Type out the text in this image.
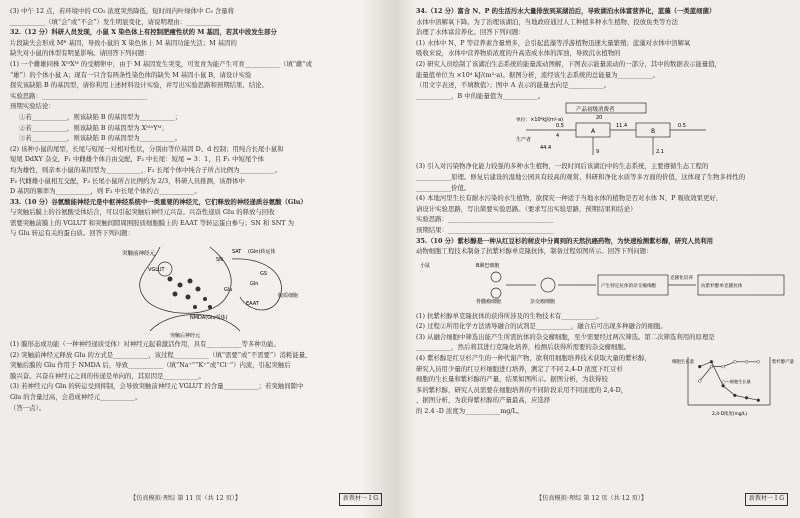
(3) 中午 12 点，若环境中的 CO₂ 浓度突然降低，短时间内叶绿体中 C₅ 含量将

___________（填“会”或“不会”）发生明显变化，请说明理由：___________

32.（12 分）科研人员发现，小鼠 X 染色体上有控制肥瘦性状的 M 基因，若其中段发生部分

片段缺失会形成 M* 基因，导致小鼠的 X 染色体上 M 基因功能失活；M 基因的

缺失对小鼠的体型有明显影响。请回答下列问题：

(1) 一个雌雄同株 XᴹXᴹ 的受精卵中，由于 M 基因发生突变，可发育为能产生可育___________（填“雌”或

“雄”）的个体小鼠 A；现有一只含有两条性染色体的缺失 M 基因小鼠 B，请设计实验

探究该缺陷 B 的基因型，请你利用上述材料设计实验，并写出实验思路和预期结果、结论。

实验思路：_________________________________

预期实验结论：

①若___________，则该缺陷 B 的基因型为___________；

②若___________，则该缺陷 B 的基因型为 XᴹᴬYᴹ；

③若___________，则该缺陷 B 的基因型为___________。

(2) 该种小鼠的尾型，长尾与短尾一对相对性状，分别由等位基因 D、d 控制；用纯合长尾小鼠和

短尾 DdXY 杂交，F₁ 中雌雄个体自由交配，F₂ 中长尾：短尾 = 3：1，且 F₁ 中短尾个体

均为雄性，则亲本小鼠的基因型为___________，F₂ 长尾个体中纯合子所占比例为___________。

F₂ 代雌雄小鼠相互交配，F₃ 长尾小鼠所占比例约为 2/3，科研人员推测，该群体中

D 基因的频率为___________，则 F₃ 中长尾个体约占___________。

33.（10 分）谷氨酸能神经元是中枢神经系统中一类重要的神经元，它们释放的神经递质谷氨酸（Glu）

与突触后膜上的谷氨酸受体结合，可以引起突触后神经元兴奋。兴奋性递质 Glu 的释放与回收

需要突触前膜上的 VGLUT 和突触间隙周围胶质细胞膜上的 EAAT 等转运蛋白参与；SN 和 SNT 为

与 Glu 转运有关的蛋白质。回答下列问题：

突触前神经元
VGLUT
SAT
SN
(Gln)转运体
GS
Gln
Glu
EAAT
胶质细胞
NMDA(Glu受体)
突触后神经元

(1) 膜形态或功能（一种神经递质受体）对神经元起着激活作用，具有___________等多种功能。

(2) 突触前神经元释放 Glu 的方式是___________，该过程___________（填“需要”或“不需要”）消耗能量，

突触后膜的 Glu 作用于 NMDA 后，导致___________（填“Na⁺”“K⁺”或“Cl⁻”）内流，引起突触后

膜兴奋。兴奋在神经元之间的传递是单向的，其原因是___________。

(3) 若神经元内 Gln 的转运受到抑制，会导致突触前神经元 VGLUT 的含量___________；若突触间隙中

Glu 的含量过高，会造成神经元___________。

（答一点）。

【仿真模拟·理综 第 11 页（共 12 页）】	新教材一 I G

34.（12 分）富含 N、P 的生活污水大量排放到某湖泊后，导致湖泊水体富营养化，蓝藻（一类蓝细菌）

水体中溶解氧下降。为了治理该湖泊，当地政府通过人工种植多种水生植物、投放鱼类等方法

治理了水体富营养化。回答下列问题：

(1) 水体中 N、P 等营养素含量增多，会引起蓝藻等浮游植物迅速大量繁殖；蓝藻对水体中溶解氧

吸收来说，水体中营养物质浓度的升高造成水体的浑浊，导致沉水植物的

(2) 研究人员绘制了该湖泊生态系统的能量流动图解，下图表示能量流动的一部分，其中的数据表示能量值，

能量值单位为 ×10⁴ kJ/(m²·a)。据图分析，流经该生态系统的总能量为___________。

（用文字表述，不填数值）；图中 A 表示的能量去向是___________。

___________，B 中的能量值为___________。

产品初级消费者
A	B
单位：×10⁴kJ/(m²·a)
生产者
0.5
4
44.4
20
11.4
9
0.5
2.1

(3) 引入对污染物净化能力较强的多种水生植物，一段时间后该湖泊中的生态系统，主要遵循生态工程的

___________原理。修复后建设的湿地公园具有较高的观赏、科研和净化水质等多方面的价值，这体现了生物多样性的

___________价值。

(4) 本地河里生长有耐水污染的水生植物，欲探究一种适于当地水体的植物是否对水体 N、P 吸收效果更好，

请设计实验思路，写出简要实验思路。（要求写出实验思路，预期结果和结论）

实验思路：_________________________________

预期结果：_________________________________

35.（10 分）紫杉醇是一种从红豆杉的树皮中分离到的天然抗癌药物，为快速检测紫杉醇，研究人员利用

动物细胞工程技术制备了抗紫杉醇单克隆抗体，制备过程如图所示。回答下列问题：

小鼠	B淋巴细胞
骨髓瘤细胞	杂交瘤细胞
产生特定抗体的杂交瘤细胞
克隆化培养
抗紫杉醇单克隆抗体

(1) 抗紫杉醇单克隆抗体的获得所涉及的生物技术有___________。

(2) 过程②所用化学方法诱导融合的试剂是___________，融合后可出现多种融合的细胞。

(3) 从融合细胞中筛选出能产生所需抗体的杂交瘤细胞，至少需要经过两次筛选。第二次筛选利用的原理是

___________，然后将其进行克隆化培养，检测后获得所需要的杂交瘤细胞。

(4) 紫杉醇是红豆杉产生的一种代谢产物，欲利用细胞培养技术获取大量的紫杉醇，

研究人员用少量的红豆杉细胞进行培养，测定了不同 2,4-D 浓度下红豆杉

细胞的生长量和紫杉醇的产量，结果如图所示。据图分析，为获得较

多的紫杉醇，研究人员需要在细胞培养的不同阶段采用不同浓度的 2,4-D，

，据图分析，为获得紫杉醇的产量最高，应选择

的 2.4 -D 浓度为___________mg/L。

细胞生长量	紫杉醇产量
2,4-D浓度(mg/L)
○—细胞生长量
【仿真模拟·理综 第 12 页（共 12 页）】	新教材一 I G
